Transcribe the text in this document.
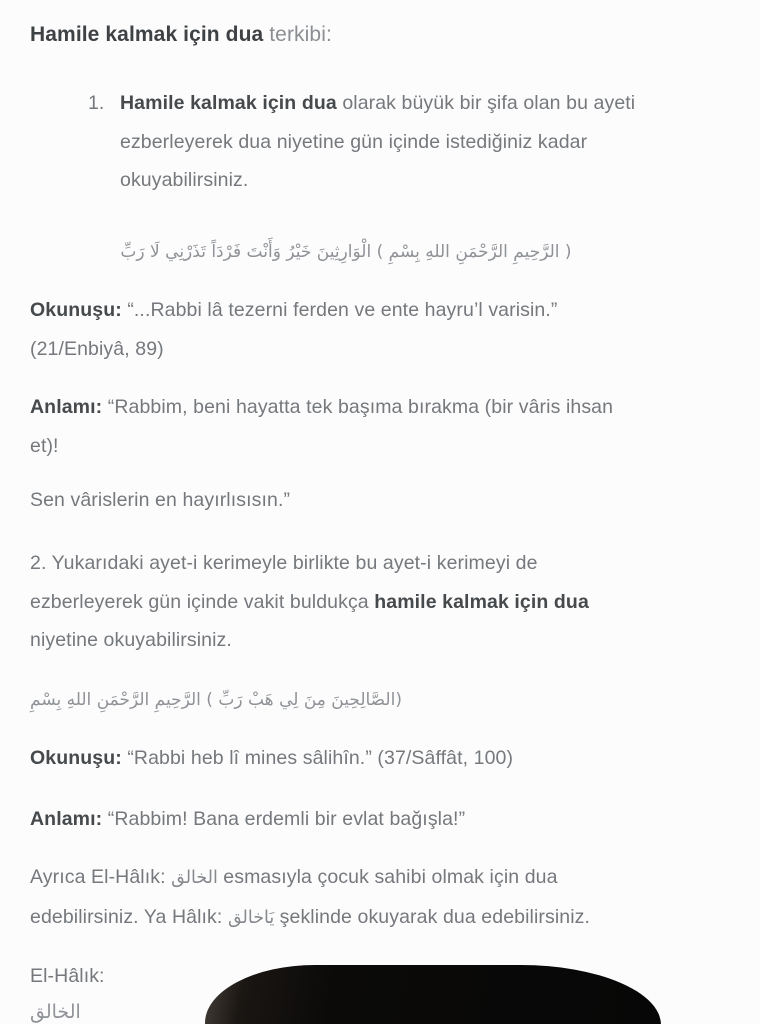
Hamile kalmak için dua terkibi:
1. Hamile kalmak için dua olarak büyük bir şifa olan bu ayeti
ezberleyerek dua niyetine gün içinde istediğiniz kadar
okuyabilirsiniz.
رَبِّ‎ لَا‎ تَذَرْنِي‎ فَرْدَاً‎ وَأَنْتَ‎ خَيْرُ‎ الْوَارِثِينَ‎ ( بِسْمِ‎ اللهِ‎ الرَّحْمَنِ‎ الرَّحِيمِ‎ )
Okunuşu: “...Rabbi lâ tezerni ferden ve ente hayru’l varisin.”
(21/Enbiyâ, 89)
Anlamı: “Rabbim, beni hayatta tek başıma bırakma (bir vâris ihsan
et)!
Sen vârislerin en hayırlısısın.”
2. Yukarıdaki ayet-i kerimeyle birlikte bu ayet-i kerimeyi de
ezberleyerek gün içinde vakit buldukça hamile kalmak için dua
niyetine okuyabilirsiniz.
بِسْمِ‎ اللهِ‎ الرَّحْمَنِ‎ الرَّحِيمِ‎ ( رَبِّ‎ هَبْ‎ لِي‎ مِنَ‎ الصَّالِحِينَ)
Okunuşu: “Rabbi heb lî mines sâlihîn.” (37/Sâffât, 100)
Anlamı: “Rabbim! Bana erdemli bir evlat bağışla!”
Ayrıca El-Hâlık: الخالق esmasıyla çocuk sahibi olmak için dua
edebilirsiniz. Ya Hâlık: يَاخالق şeklinde okuyarak dua edebilirsiniz.
El-Hâlık:
الخالق
